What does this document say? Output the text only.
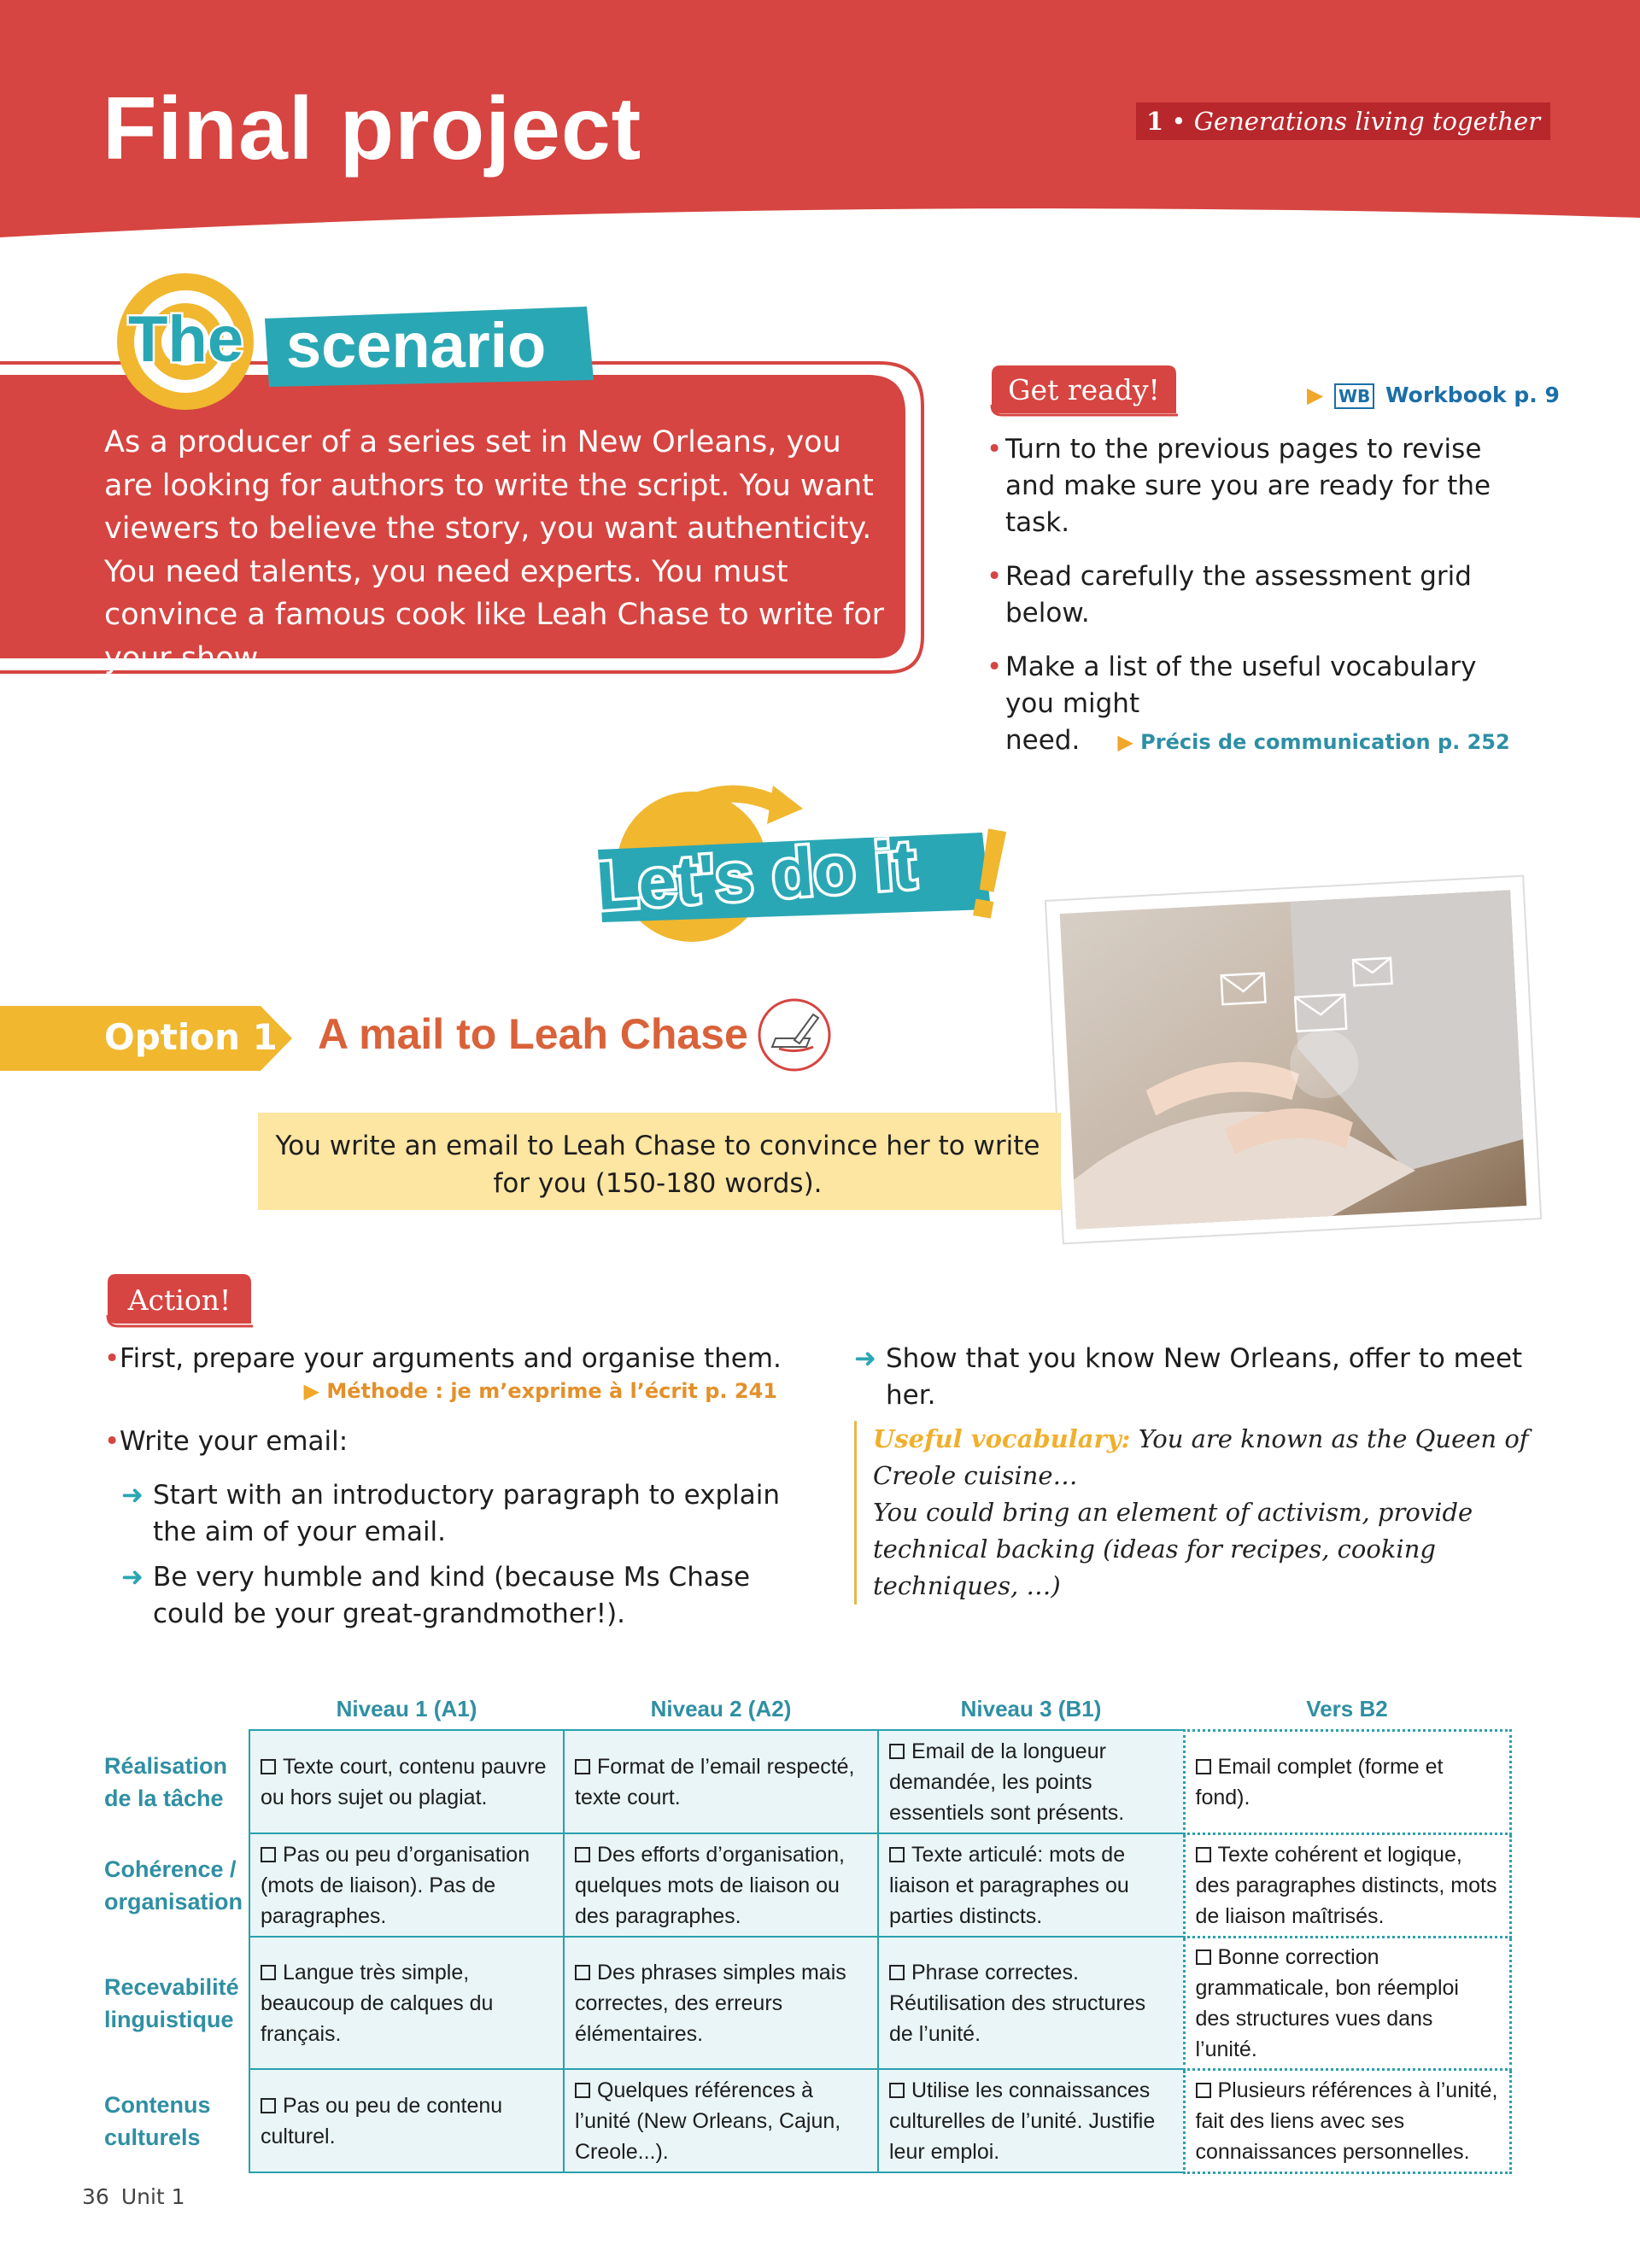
Final project	1 • Generations living together

As a producer of a series set in New Orleans, you are looking for authors to write the script. You want viewers to believe the story, you want authenticity. You need talents, you need experts. You must convince a famous cook like Leah Chase to write for your show.

The scenario
Get ready!	▶ WB Workbook p. 9
• Turn to the previous pages to revise and make sure you are ready for the task.
• Read carefully the assessment grid below.
• Make a list of the useful vocabulary you might need. ▶ Précis de communication p. 252
Let's do it !
Option 1 A mail to Leah Chase

You write an email to Leah Chase to convince her to write for you (150-180 words).

Action!

• First, prepare your arguments and organise them.

▶ Méthode : je m’exprime à l’écrit p. 241

• Write your email:

➜ Start with an introductory paragraph to explain the aim of your email.

➜ Be very humble and kind (because Ms Chase could be your great-grandmother!).

➜ Show that you know New Orleans, offer to meet her.

Useful vocabulary: You are known as the Queen of Creole cuisine…
You could bring an element of activism, provide technical backing (ideas for recipes, cooking techniques, …)
	Niveau 1 (A1)	Niveau 2 (A2)	Niveau 3 (B1)	Vers B2
Réalisation de la tâche	Texte court, contenu pauvre ou hors sujet ou plagiat.	Format de l’email respecté, texte court.	Email de la longueur demandée, les points essentiels sont présents.	Email complet (forme et fond).
Cohérence / organisation	Pas ou peu d’organisation (mots de liaison). Pas de paragraphes.	Des efforts d’organisation, quelques mots de liaison ou des paragraphes.	Texte articulé: mots de liaison et paragraphes ou parties distincts.	Texte cohérent et logique, des paragraphes distincts, mots de liaison maîtrisés.
Recevabilité linguistique	Langue très simple, beaucoup de calques du français.	Des phrases simples mais correctes, des erreurs élémentaires.	Phrase correctes. Réutilisation des structures de l’unité.	Bonne correction grammaticale, bon réemploi des structures vues dans l’unité.
Contenus culturels	Pas ou peu de contenu culturel.	Quelques références à l’unité (New Orleans, Cajun, Creole...).	Utilise les connaissances culturelles de l’unité. Justifie leur emploi.	Plusieurs références à l’unité, fait des liens avec ses connaissances personnelles.
36 Unit 1
